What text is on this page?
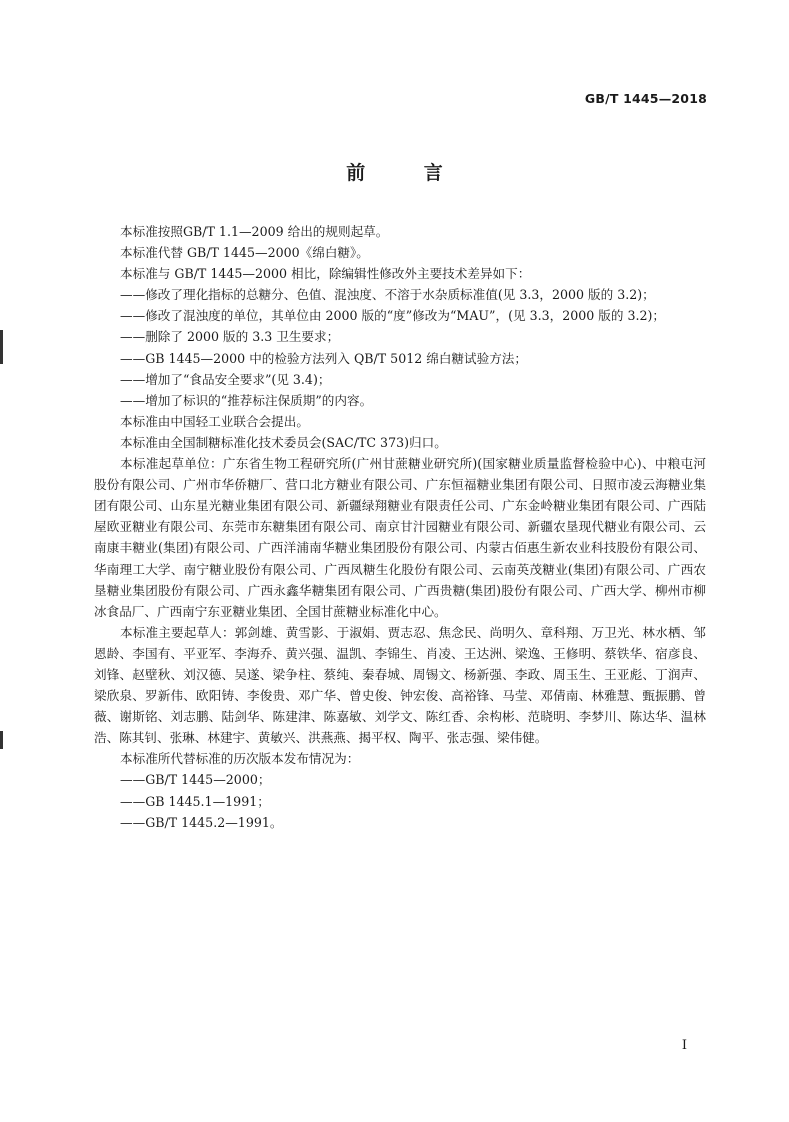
GB/T 1445—2018
前 言

本标准按照GB/T 1.1—2009 给出的规则起草。

本标准代替 GB/T 1445—2000《绵白糖》。

本标准与 GB/T 1445—2000 相比，除编辑性修改外主要技术差异如下：

——修改了理化指标的总糖分、色值、混浊度、不溶于水杂质标准值(见 3.3，2000 版的 3.2)；

——修改了混浊度的单位，其单位由 2000 版的“度”修改为“MAU”，(见 3.3，2000 版的 3.2)；

——删除了 2000 版的 3.3 卫生要求；

——GB 1445—2000 中的检验方法列入 QB/T 5012 绵白糖试验方法；

——增加了“食品安全要求”(见 3.4)；

——增加了标识的“推荐标注保质期”的内容。

本标准由中国轻工业联合会提出。

本标准由全国制糖标准化技术委员会(SAC/TC 373)归口。

本标准起草单位：广东省生物工程研究所(广州甘蔗糖业研究所)(国家糖业质量监督检验中心)、中粮屯河股份有限公司、广州市华侨糖厂、营口北方糖业有限公司、广东恒福糖业集团有限公司、日照市凌云海糖业集团有限公司、山东星光糖业集团有限公司、新疆绿翔糖业有限责任公司、广东金岭糖业集团有限公司、广西陆屋欧亚糖业有限公司、东莞市东糖集团有限公司、南京甘汁园糖业有限公司、新疆农垦现代糖业有限公司、云南康丰糖业(集团)有限公司、广西洋浦南华糖业集团股份有限公司、内蒙古佰惠生新农业科技股份有限公司、华南理工大学、南宁糖业股份有限公司、广西凤糖生化股份有限公司、云南英茂糖业(集团)有限公司、广西农垦糖业集团股份有限公司、广西永鑫华糖集团有限公司、广西贵糖(集团)股份有限公司、广西大学、柳州市柳冰食品厂、广西南宁东亚糖业集团、全国甘蔗糖业标准化中心。

本标准主要起草人：郭剑雄、黄雪影、于淑娟、贾志忍、焦念民、尚明久、章科翔、万卫光、林水栖、邹恩龄、李国有、平亚军、李海乔、黄兴强、温凯、李锦生、肖凌、王达洲、梁逸、王修明、蔡铁华、宿彦良、刘锋、赵壁秋、刘汉德、吴遂、梁争柱、蔡纯、秦春城、周锡文、杨新强、李政、周玉生、王亚彪、丁润声、梁欣泉、罗新伟、欧阳铸、李俊贵、邓广华、曾史俊、钟宏俊、高裕锋、马莹、邓倩南、林雅慧、甄振鹏、曾薇、谢斯铭、刘志鹏、陆剑华、陈建津、陈嘉敏、刘学文、陈红香、余构彬、范晓明、李梦川、陈达华、温林浩、陈其钊、张琳、林建宇、黄敏兴、洪燕燕、揭平权、陶平、张志强、梁伟健。

本标准所代替标准的历次版本发布情况为：

——GB/T 1445—2000；

——GB 1445.1—1991；

——GB/T 1445.2—1991。

I
